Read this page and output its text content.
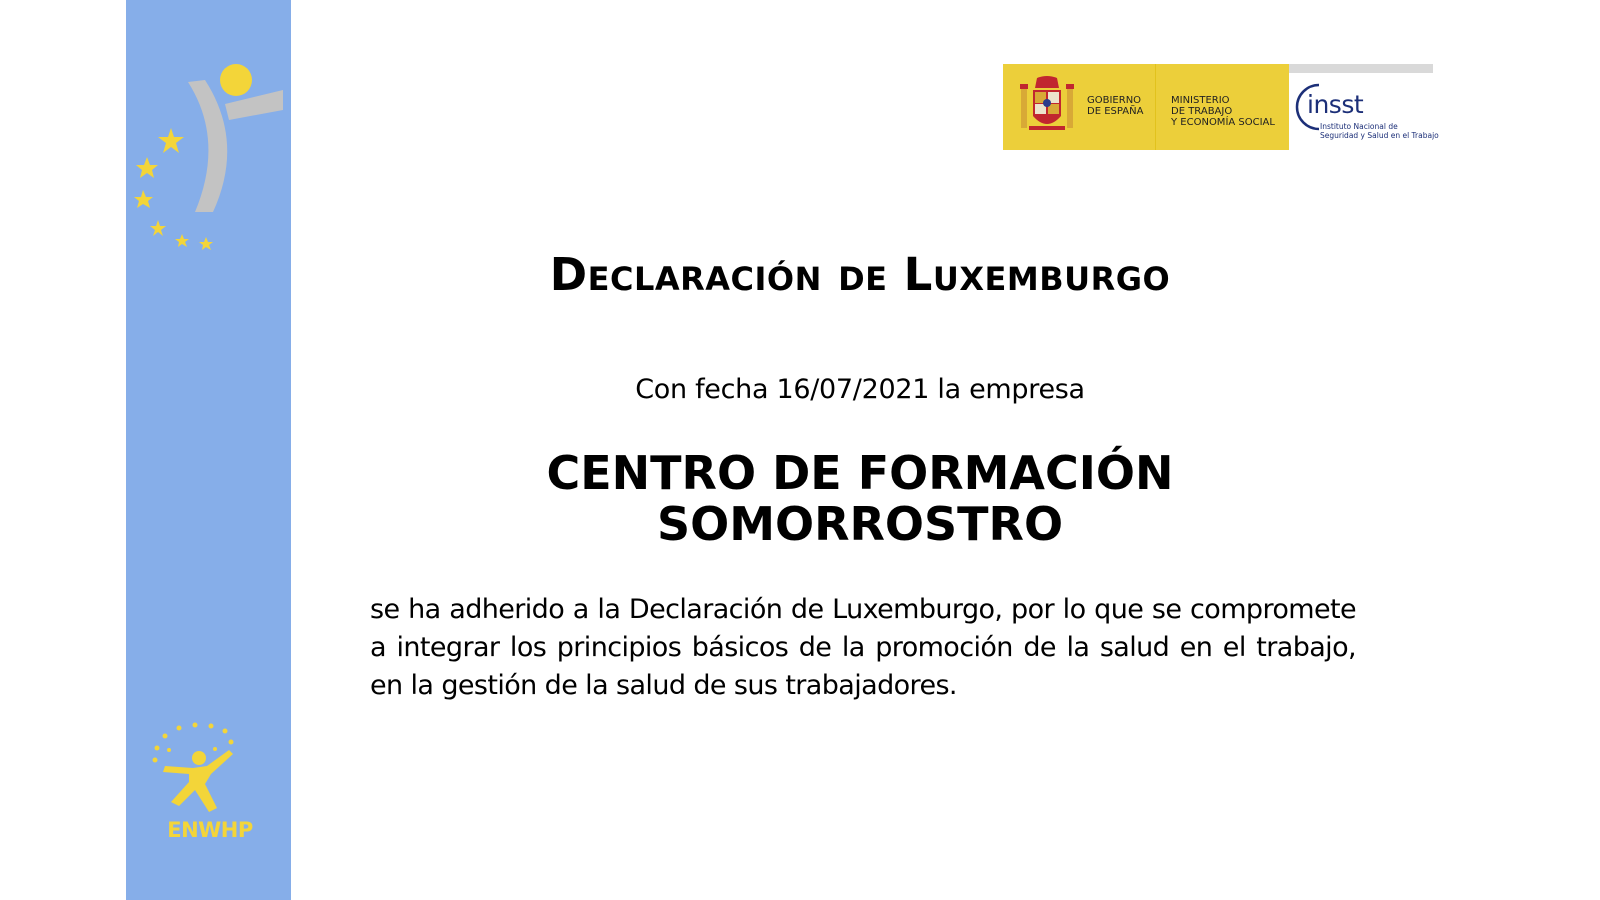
ENWHP
GOBIERNO
DE ESPAÑA
MINISTERIO
DE TRABAJO
Y ECONOMÍA SOCIAL
insst
Instituto Nacional de
Seguridad y Salud en el Trabajo
Declaración de Luxemburgo
Con fecha 16/07/2021 la empresa
CENTRO DE FORMACIÓN
SOMORROSTRO
se ha adherido a la Declaración de Luxemburgo, por lo que se compromete a integrar los principios básicos de la promoción de la salud en el trabajo, en la gestión de la salud de sus trabajadores.
